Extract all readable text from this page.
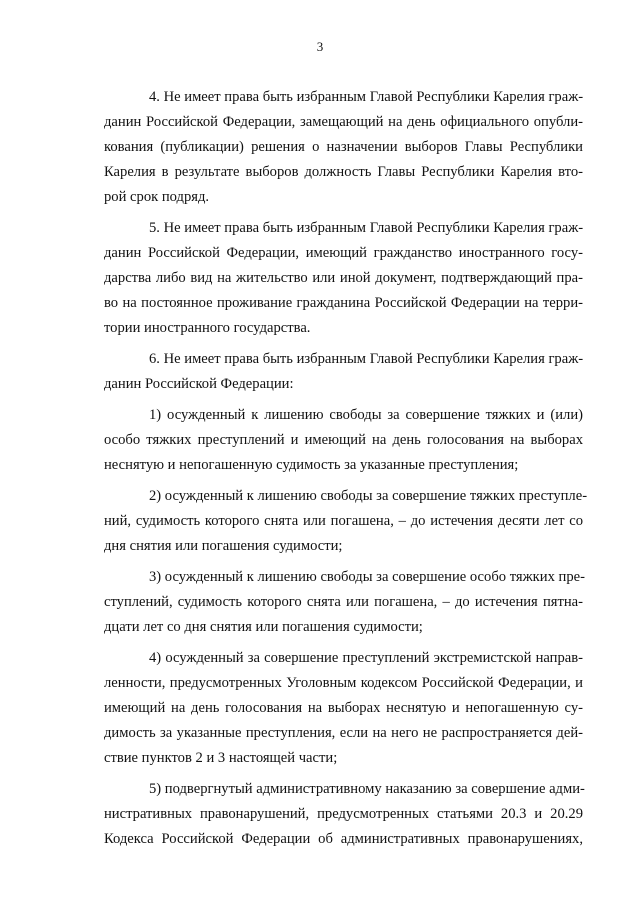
3
4. Не имеет права быть избранным Главой Республики Карелия граж-
данин Российской Федерации, замещающий на день официального опубли-
кования (публикации) решения о назначении выборов Главы Республики
Карелия в результате выборов должность Главы Республики Карелия вто-
рой срок подряд.
5. Не имеет права быть избранным Главой Республики Карелия граж-
данин Российской Федерации, имеющий гражданство иностранного госу-
дарства либо вид на жительство или иной документ, подтверждающий пра-
во на постоянное проживание гражданина Российской Федерации на терри-
тории иностранного государства.
6. Не имеет права быть избранным Главой Республики Карелия граж-
данин Российской Федерации:
1) осужденный к лишению свободы за совершение тяжких и (или)
особо тяжких преступлений и имеющий на день голосования на выборах
неснятую и непогашенную судимость за указанные преступления;
2) осужденный к лишению свободы за совершение тяжких преступле-
ний, судимость которого снята или погашена, – до истечения десяти лет со
дня снятия или погашения судимости;
3) осужденный к лишению свободы за совершение особо тяжких пре-
ступлений, судимость которого снята или погашена, – до истечения пятна-
дцати лет со дня снятия или погашения судимости;
4) осужденный за совершение преступлений экстремистской направ-
ленности, предусмотренных Уголовным кодексом Российской Федерации, и
имеющий на день голосования на выборах неснятую и непогашенную су-
димость за указанные преступления, если на него не распространяется дей-
ствие пунктов 2 и 3 настоящей части;
5) подвергнутый административному наказанию за совершение адми-
нистративных правонарушений, предусмотренных статьями 20.3 и 20.29
Кодекса Российской Федерации об административных правонарушениях,
